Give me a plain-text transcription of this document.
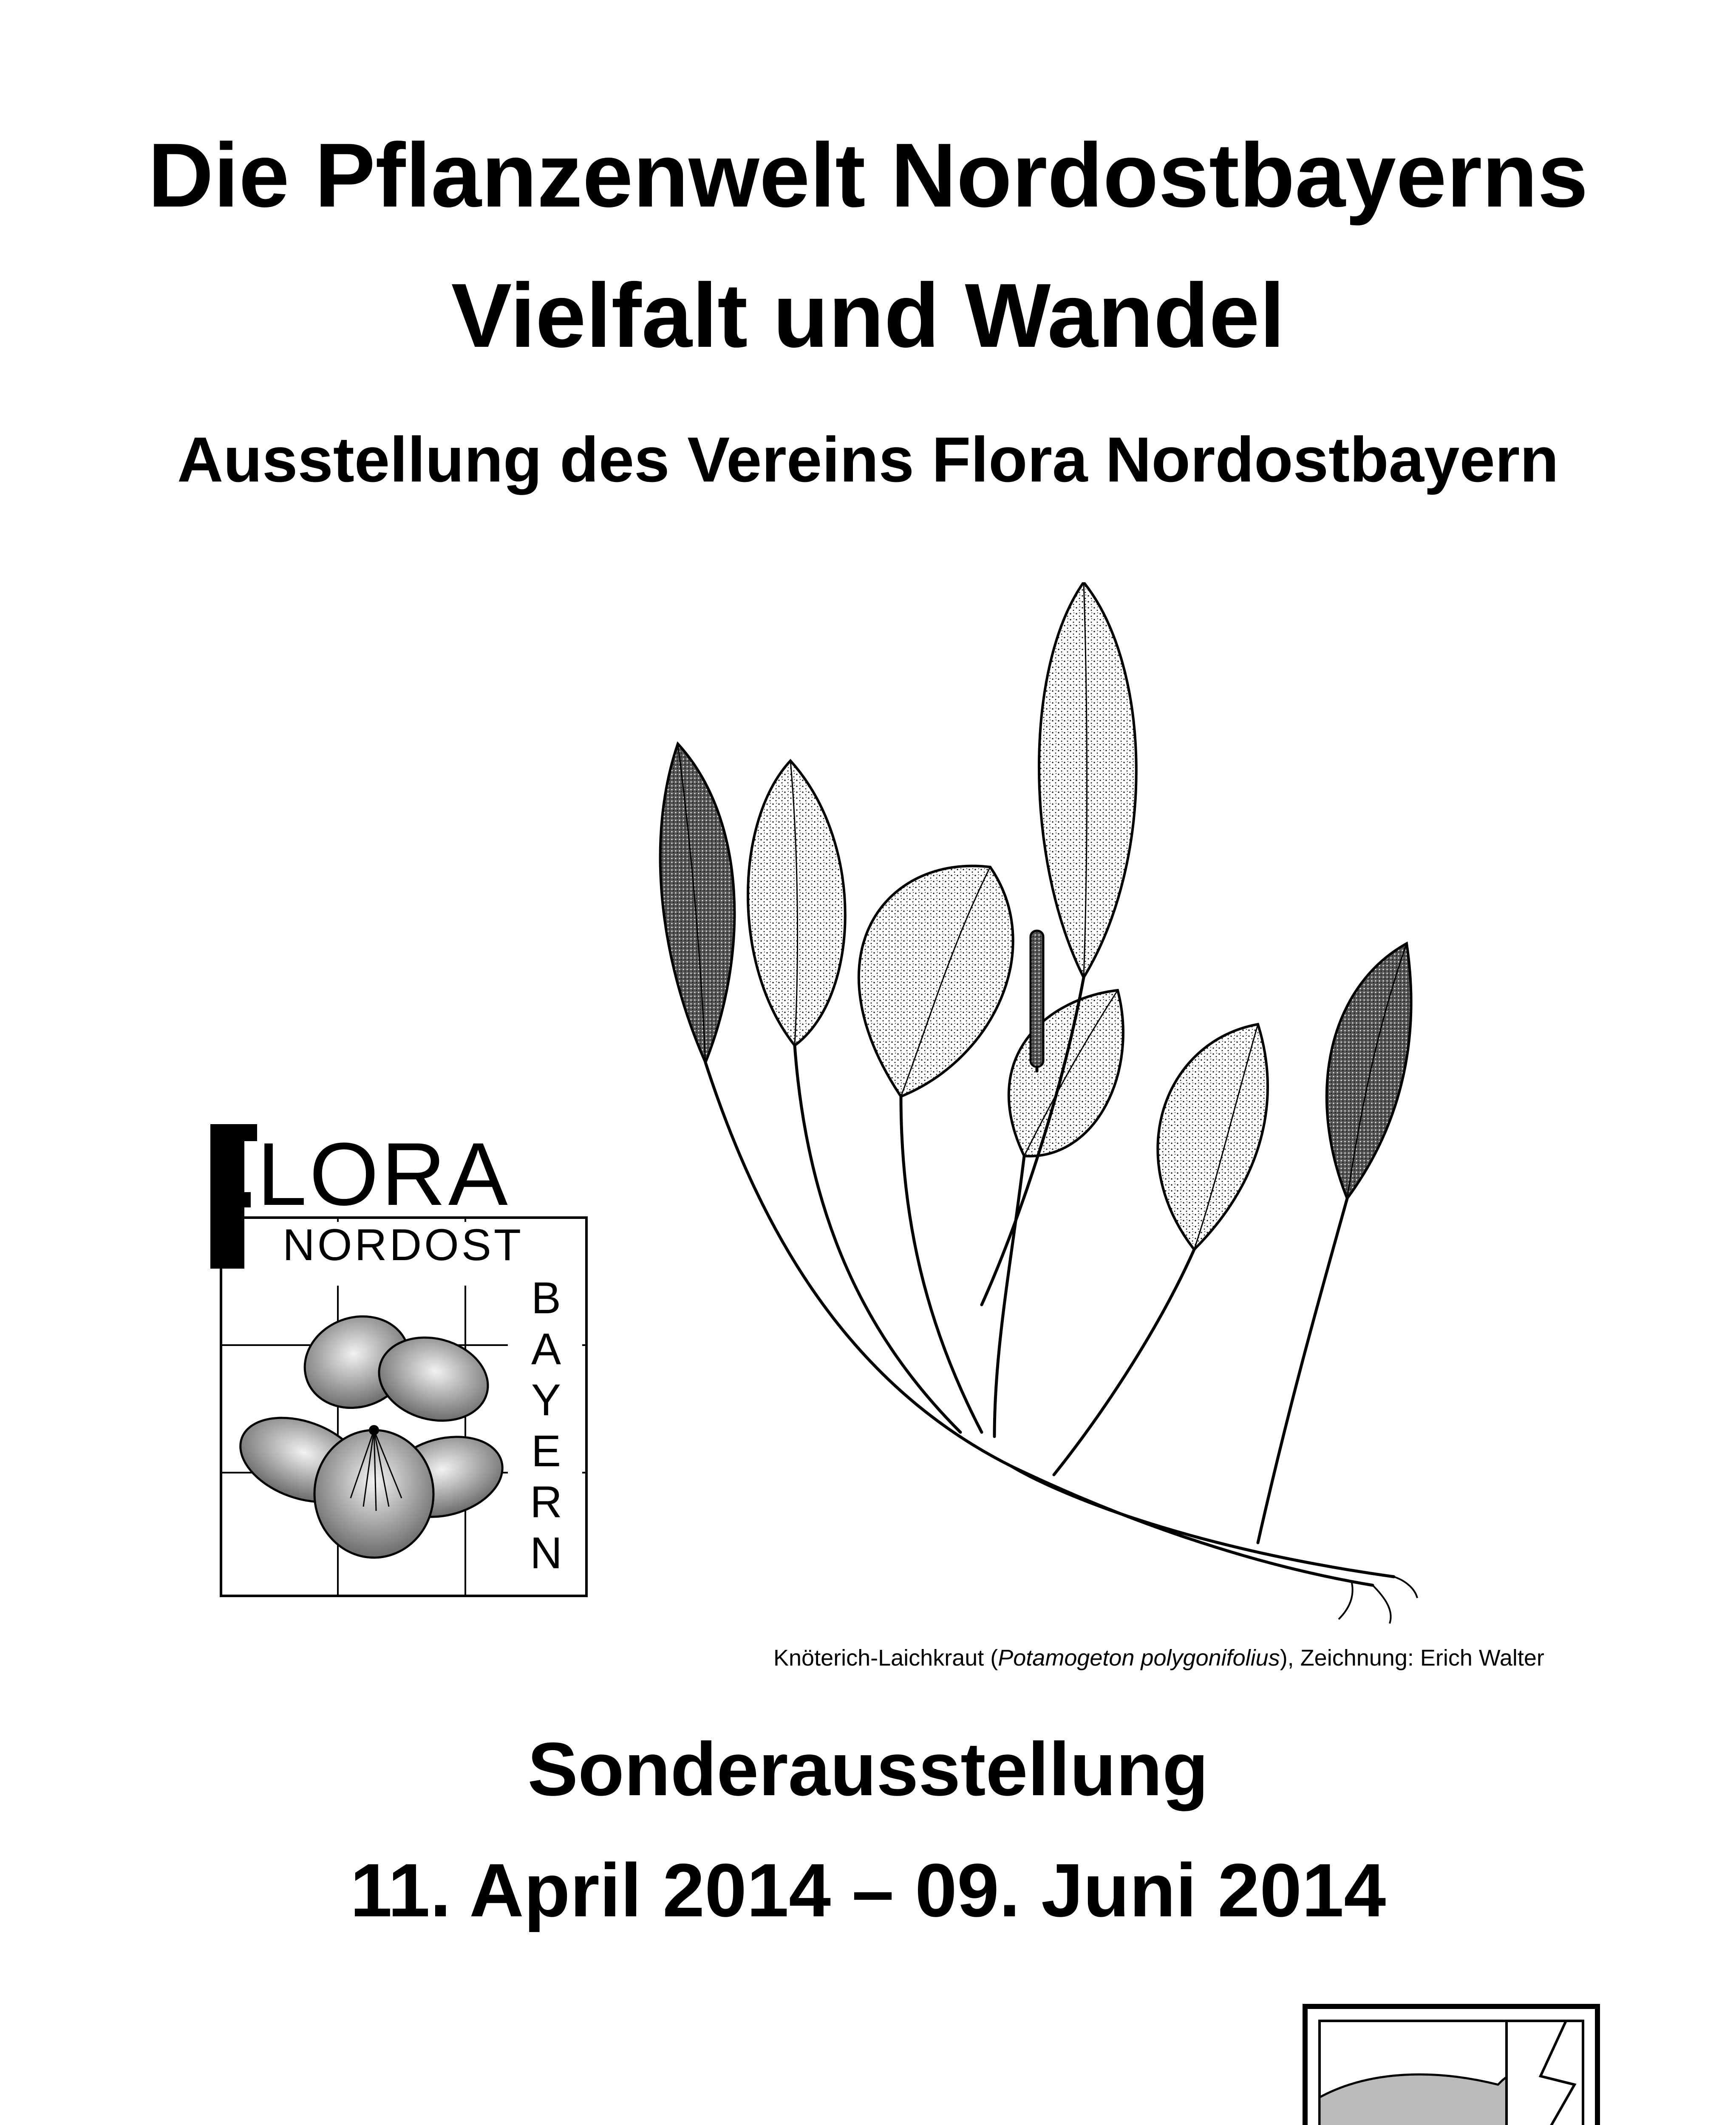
Die Pflanzenwelt Nordostbayerns
Vielfalt und Wandel
Ausstellung des Vereins Flora Nordostbayern
LORA
NORDOST
B
A
Y
E
R
N
Knöterich-Laichkraut (Potamogeton polygonifolius), Zeichnung: Erich Walter
Sonderausstellung
11. April 2014 – 09. Juni 2014
